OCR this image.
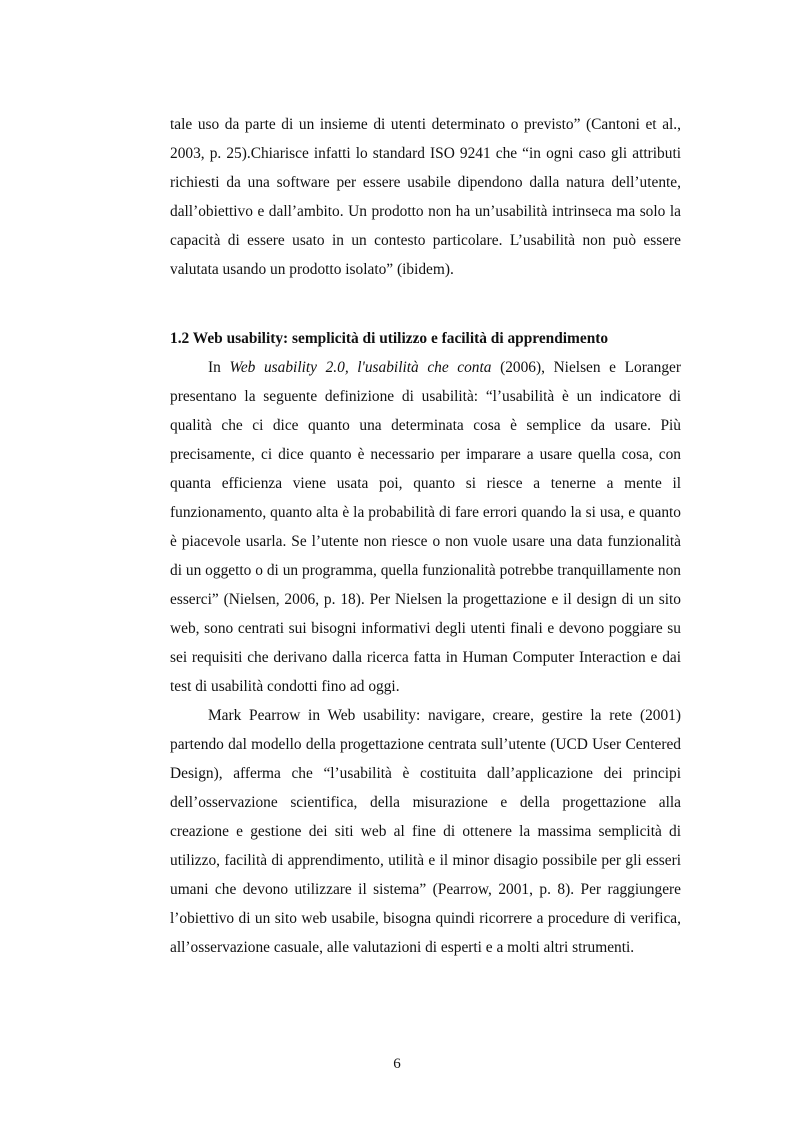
tale uso da parte di un insieme di utenti determinato o previsto” (Cantoni et al., 2003, p. 25).Chiarisce infatti lo standard ISO 9241 che “in ogni caso gli attributi richiesti da una software per essere usabile dipendono dalla natura dell’utente, dall’obiettivo e dall’ambito. Un prodotto non ha un’usabilità intrinseca ma solo la capacità di essere usato in un contesto particolare. L’usabilità non può essere valutata usando un prodotto isolato” (ibidem).

1.2 Web usability: semplicità di utilizzo e facilità di apprendimento

In Web usability 2.0, l'usabilità che conta (2006), Nielsen e Loranger presentano la seguente definizione di usabilità: “l’usabilità è un indicatore di qualità che ci dice quanto una determinata cosa è semplice da usare. Più precisamente, ci dice quanto è necessario per imparare a usare quella cosa, con quanta efficienza viene usata poi, quanto si riesce a tenerne a mente il funzionamento, quanto alta è la probabilità di fare errori quando la si usa, e quanto è piacevole usarla. Se l’utente non riesce o non vuole usare una data funzionalità di un oggetto o di un programma, quella funzionalità potrebbe tranquillamente non esserci” (Nielsen, 2006, p. 18). Per Nielsen la progettazione e il design di un sito web, sono centrati sui bisogni informativi degli utenti finali e devono poggiare su sei requisiti che derivano dalla ricerca fatta in Human Computer Interaction e dai test di usabilità condotti fino ad oggi.

Mark Pearrow in Web usability: navigare, creare, gestire la rete (2001) partendo dal modello della progettazione centrata sull’utente (UCD User Centered Design), afferma che “l’usabilità è costituita dall’applicazione dei principi dell’osservazione scientifica, della misurazione e della progettazione alla creazione e gestione dei siti web al fine di ottenere la massima semplicità di utilizzo, facilità di apprendimento, utilità e il minor disagio possibile per gli esseri umani che devono utilizzare il sistema” (Pearrow, 2001, p. 8). Per raggiungere l’obiettivo di un sito web usabile, bisogna quindi ricorrere a procedure di verifica, all’osservazione casuale, alle valutazioni di esperti e a molti altri strumenti.

6
